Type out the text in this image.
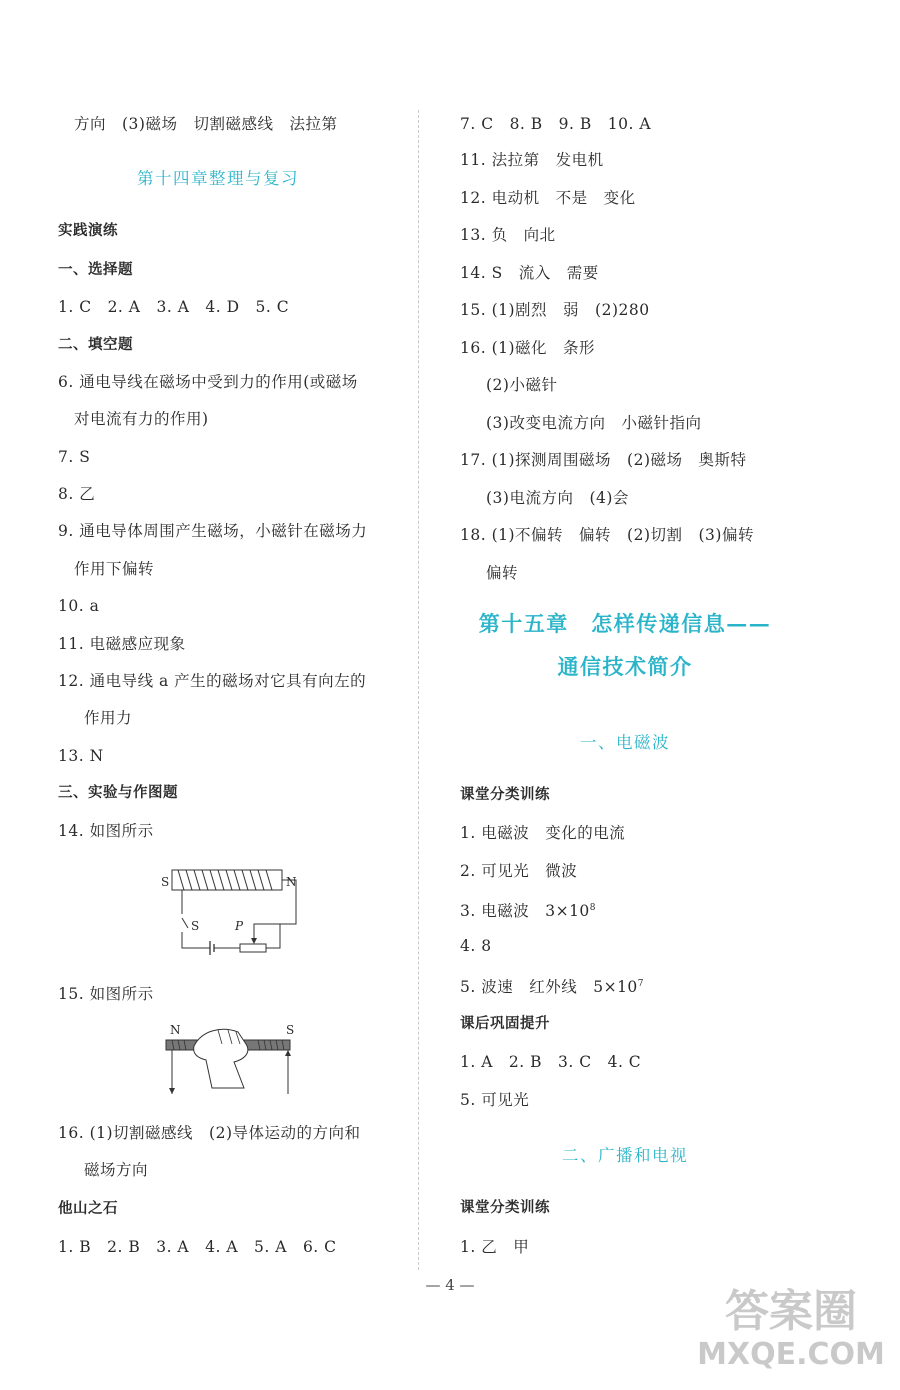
方向　(3)磁场　切割磁感线　法拉第
第十四章整理与复习
实践演练
一、选择题
1. C　2. A　3. A　4. D　5. C
二、填空题
6. 通电导线在磁场中受到力的作用(或磁场
对电流有力的作用)
7. S
8. 乙
9. 通电导体周围产生磁场，小磁针在磁场力
作用下偏转
10. a
11. 电磁感应现象
12. 通电导线 a 产生的磁场对它具有向左的
作用力
13. N
三、实验与作图题
14. 如图所示
S	N
S	P
15. 如图所示
N	S
16. (1)切割磁感线　(2)导体运动的方向和
磁场方向
他山之石
1. B　2. B　3. A　4. A　5. A　6. C
7. C　8. B　9. B　10. A
11. 法拉第　发电机
12. 电动机　不是　变化
13. 负　向北
14. S　流入　需要
15. (1)剧烈　弱　(2)280
16. (1)磁化　条形
(2)小磁针
(3)改变电流方向　小磁针指向
17. (1)探测周围磁场　(2)磁场　奥斯特
(3)电流方向　(4)会
18. (1)不偏转　偏转　(2)切割　(3)偏转
偏转
第十五章　怎样传递信息——
通信技术简介
一、电磁波
课堂分类训练
1. 电磁波　变化的电流
2. 可见光　微波
3. 电磁波　$3\times 10^8$
4. 8
5. 波速　红外线　$5\times 10^7$
课后巩固提升
1. A　2. B　3. C　4. C
5. 可见光
二、广播和电视
课堂分类训练
1. 乙　甲
— 4 —
答案圈
MXQE.COM
